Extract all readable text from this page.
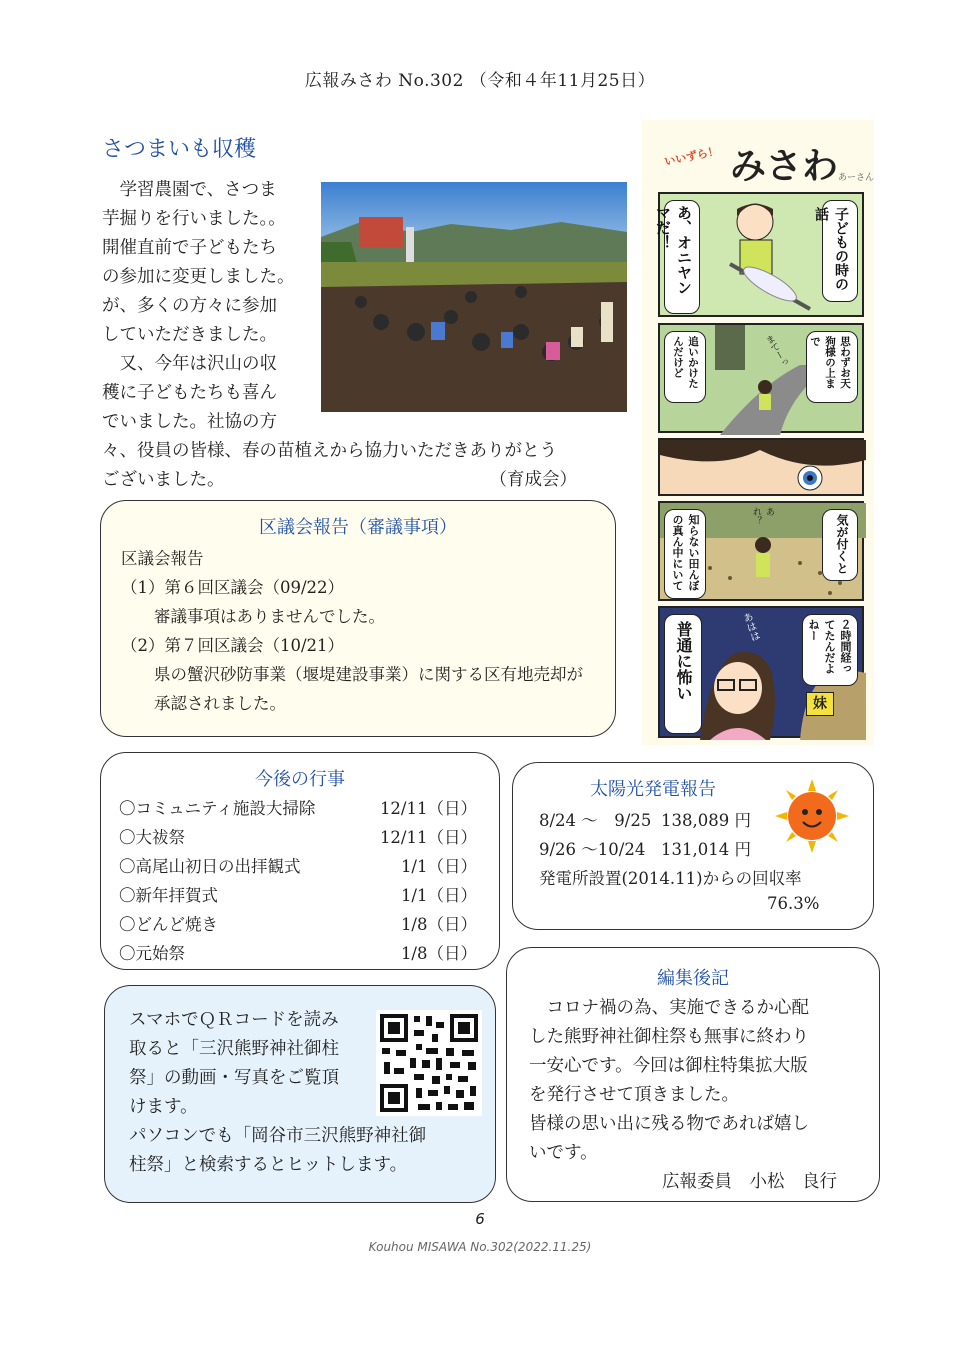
広報みさわ No.302 （令和４年11月25日）
さつまいも収穫
　学習農園で、さつま
芋掘りを行いました。。
開催直前で子どもたち
の参加に変更しました。
が、多くの方々に参加
していただきました。
　又、今年は沢山の収
穫に子どもたちも喜ん
でいました。社協の方
々、役員の皆様、春の苗植えから協力いただきありがとう
ございました。	（育成会）
いいずら！ みさわ あーさん
あ、オニヤンマだ！	子どもの時の話
追いかけたんだけど	まてーっ	思わずお天狗様の上まで
知らない田んぼの真ん中にいて
あれ？	気が付くと
普通に怖い	あはは	２時間経ってたんだよねー
妹
区議会報告（審議事項）
区議会報告
（1）第６回区議会（09/22）
　　審議事項はありませんでした。
（2）第７回区議会（10/21）
　　県の蟹沢砂防事業（堰堤建設事業）に関する区有地売却が
　　承認されました。
今後の行事
〇コミュニティ施設大掃除	12/11（日）
〇大祓祭	12/11（日）
〇高尾山初日の出拝観式	1/1（日）
〇新年拝賀式	1/1（日）
〇どんど焼き	1/8（日）
〇元始祭	1/8（日）
太陽光発電報告
8/24 ～　9/25 138,089 円
9/26 ～10/24 131,014 円
発電所設置(2014.11)からの回収率
76.3%
スマホでＱＲコードを読み
取ると「三沢熊野神社御柱
祭」の動画・写真をご覧頂
けます。
パソコンでも「岡谷市三沢熊野神社御
柱祭」と検索するとヒットします。
編集後記
　コロナ禍の為、実施できるか心配
した熊野神社御柱祭も無事に終わり
一安心です。今回は御柱特集拡大版
を発行させて頂きました。
皆様の思い出に残る物であれば嬉し
いです。
広報委員　小松　良行
6
Kouhou MISAWA No.302(2022.11.25)
